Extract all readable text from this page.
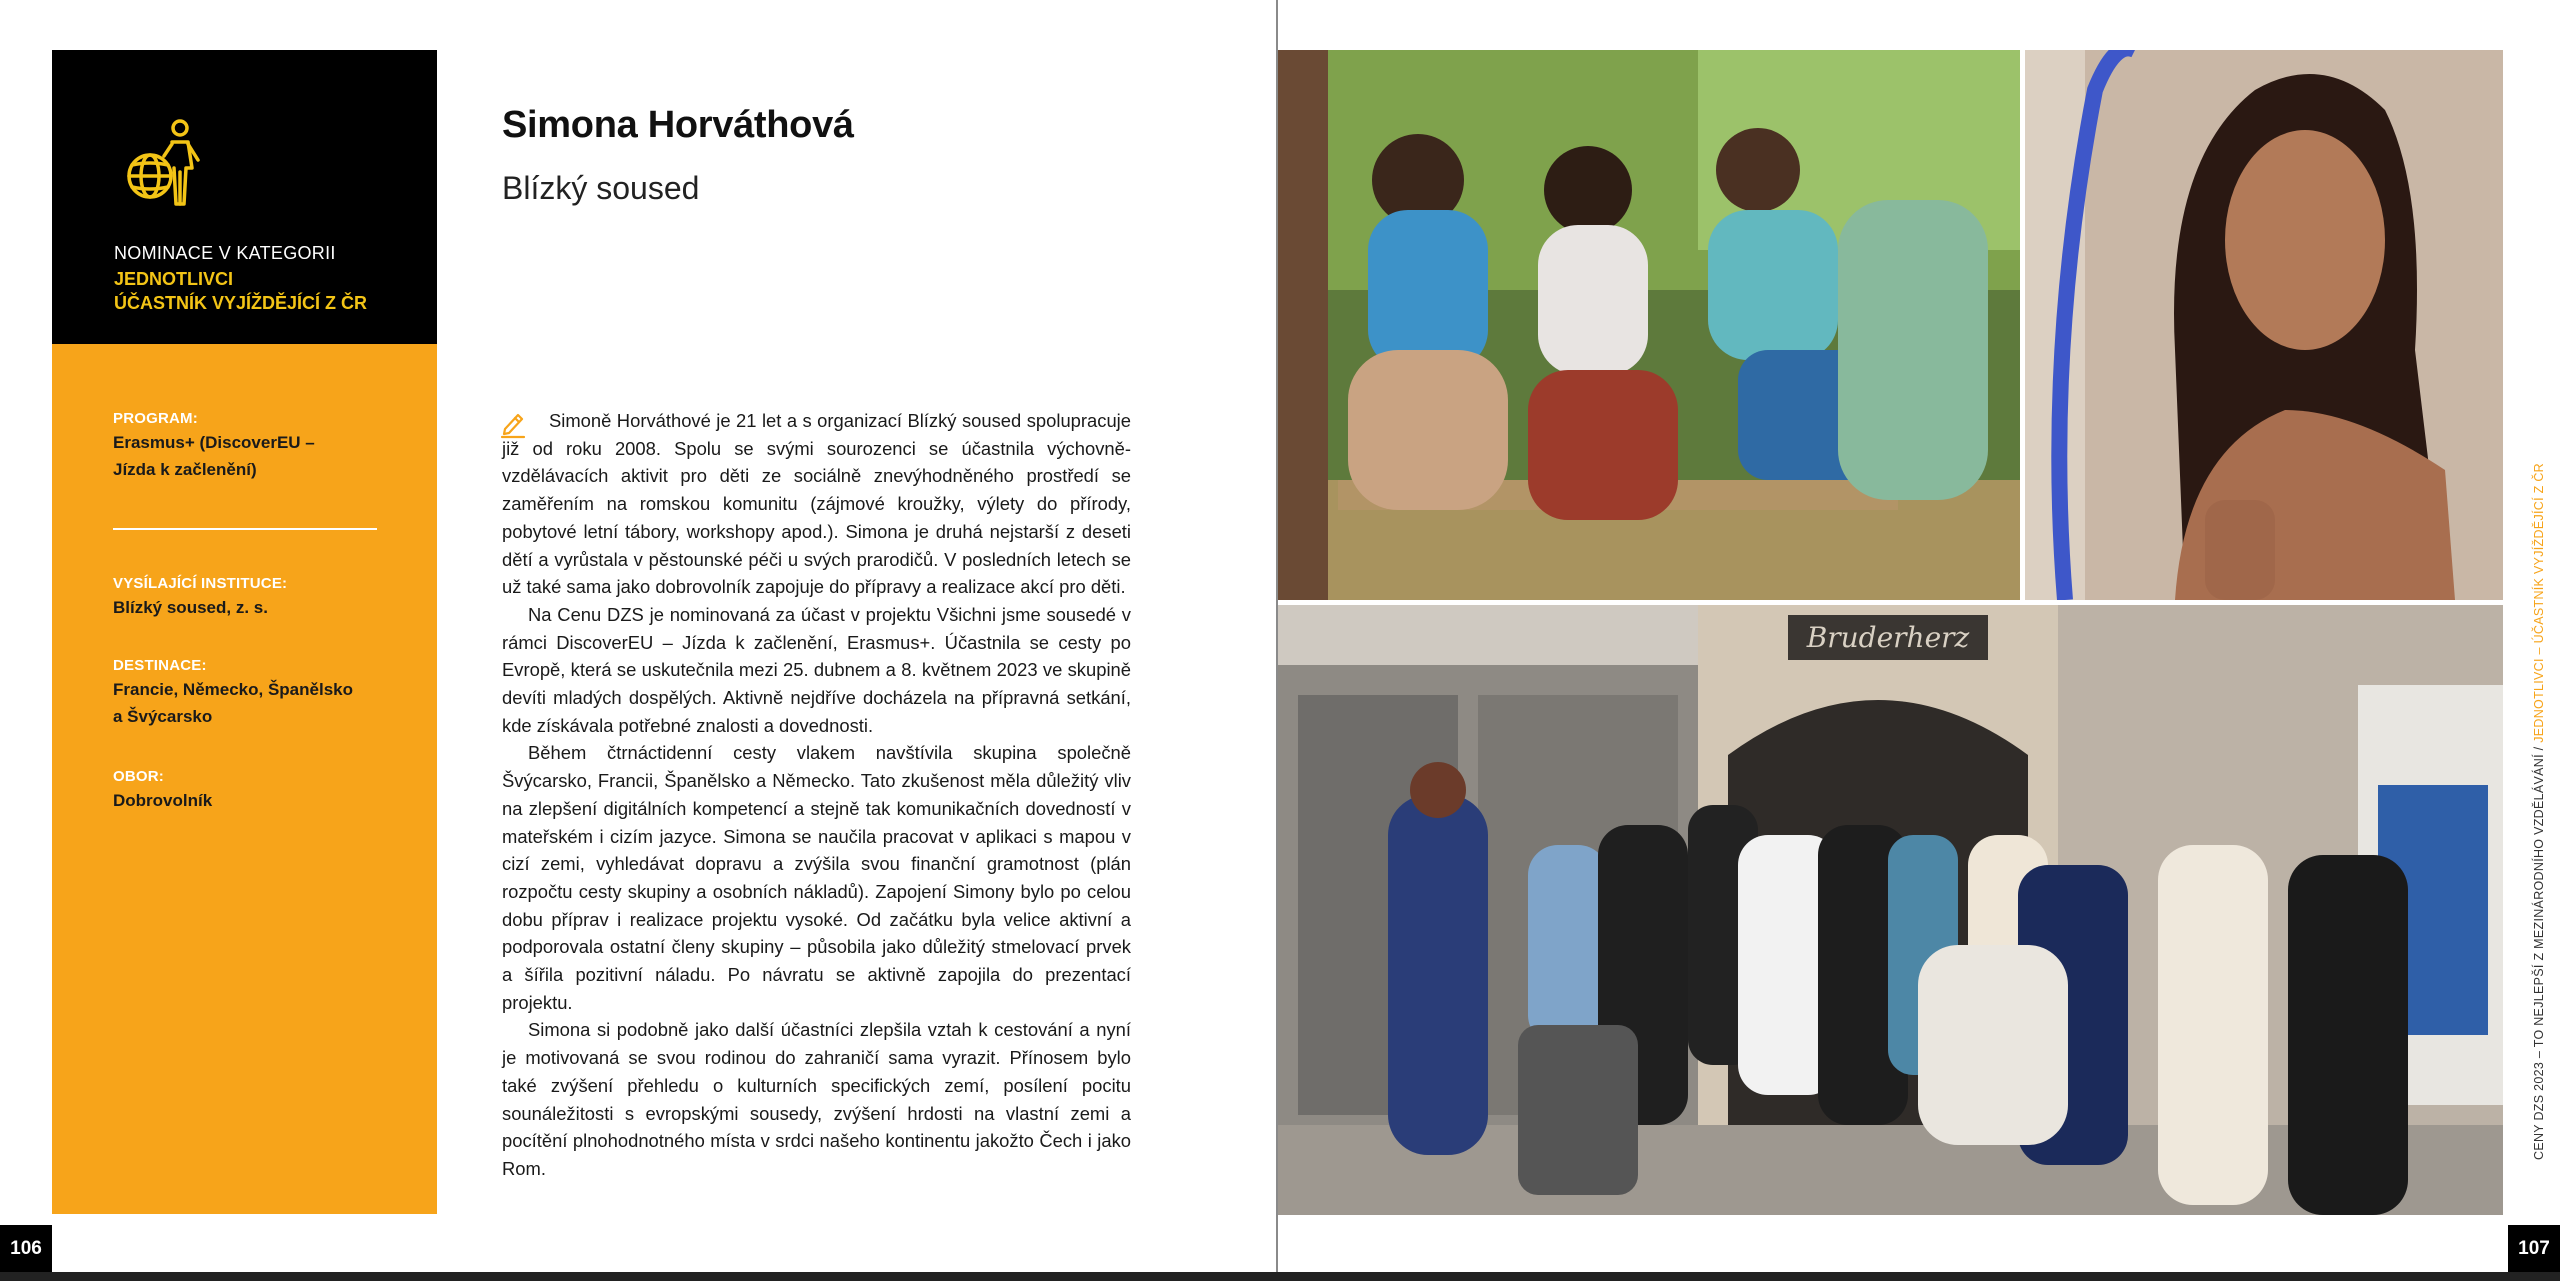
NOMINACE V KATEGORII
JEDNOTLIVCI
ÚČASTNÍK VYJÍŽDĚJÍCÍ Z ČR
PROGRAM:
Erasmus+ (DiscoverEU –
Jízda k začlenění)
VYSÍLAJÍCÍ INSTITUCE:
Blízký soused, z. s.
DESTINACE:
Francie, Německo, Španělsko
a Švýcarsko
OBOR:
Dobrovolník
Simona Horváthová
Blízký soused

Simoně Horváthové je 21 let a s organizací Blízký soused spolupracuje již od roku 2008. Spolu se svými sourozenci se účastnila výchovně-vzdělávacích aktivit pro děti ze sociálně znevýhodněného prostředí se zaměřením na romskou komunitu (zájmové kroužky, výlety do přírody, pobytové letní tábory, workshopy apod.). Simona je druhá nejstarší z deseti dětí a vyrůstala v pěstounské péči u svých prarodičů. V posledních letech se už také sama jako dobrovolník zapojuje do přípravy a realizace akcí pro děti.

Na Cenu DZS je nominovaná za účast v projektu Všichni jsme sousedé v rámci DiscoverEU – Jízda k začlenění, Erasmus+. Účastnila se cesty po Evropě, která se uskutečnila mezi 25. dubnem a 8. květnem 2023 ve skupině devíti mladých dospělých. Aktivně nejdříve docházela na přípravná setkání, kde získávala potřebné znalosti a dovednosti.

Během čtrnáctidenní cesty vlakem navštívila skupina společně Švýcarsko, Francii, Španělsko a Německo. Tato zkušenost měla důležitý vliv na zlepšení digitálních kompetencí a stejně tak komunikačních dovedností v mateřském i cizím jazyce. Simona se naučila pracovat v aplikaci s mapou v cizí zemi, vyhledávat dopravu a zvýšila svou finanční gramotnost (plán rozpočtu cesty skupiny a osobních nákladů). Zapojení Simony bylo po celou dobu příprav i realizace projektu vysoké. Od začátku byla velice aktivní a podporovala ostatní členy skupiny – působila jako důležitý stmelovací prvek a šířila pozitivní náladu. Po návratu se aktivně zapojila do prezentací projektu.

Simona si podobně jako další účastníci zlepšila vztah k cestování a nyní je motivovaná se svou rodinou do zahraničí sama vyrazit. Přínosem bylo také zvýšení přehledu o kulturních specifických zemí, posílení pocitu sounáležitosti s evropskými sousedy, zvýšení hrdosti na vlastní zemi a pocítění plnohodnotného místa v srdci našeho kontinentu jakožto Čech i jako Rom.

106
Bruderherz
CENY DZS 2023 – TO NEJLEPŠÍ Z MEZINÁRODNÍHO VZDĚLÁVÁNÍ / JEDNOTLIVCI – ÚČASTNÍK VYJÍŽDĚJÍCÍ Z ČR
107
